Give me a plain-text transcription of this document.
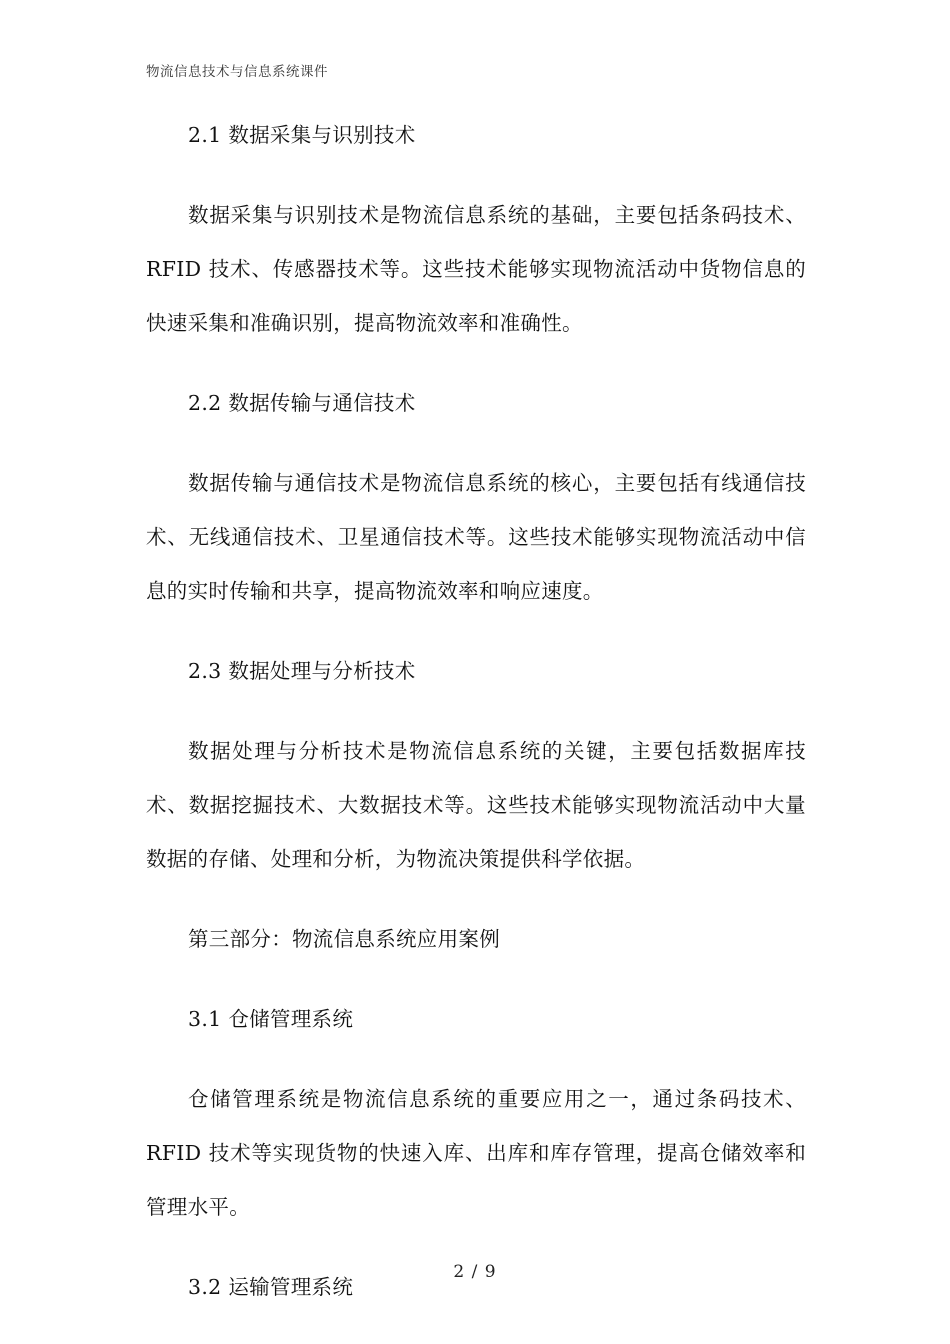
物流信息技术与信息系统课件
2.1 数据采集与识别技术
数据采集与识别技术是物流信息系统的基础，主要包括条码技术、RFID 技术、传感器技术等。这些技术能够实现物流活动中货物信息的快速采集和准确识别，提高物流效率和准确性。
2.2 数据传输与通信技术
数据传输与通信技术是物流信息系统的核心，主要包括有线通信技术、无线通信技术、卫星通信技术等。这些技术能够实现物流活动中信息的实时传输和共享，提高物流效率和响应速度。
2.3 数据处理与分析技术
数据处理与分析技术是物流信息系统的关键，主要包括数据库技术、数据挖掘技术、大数据技术等。这些技术能够实现物流活动中大量数据的存储、处理和分析，为物流决策提供科学依据。
第三部分：物流信息系统应用案例
3.1 仓储管理系统
仓储管理系统是物流信息系统的重要应用之一，通过条码技术、RFID 技术等实现货物的快速入库、出库和库存管理，提高仓储效率和管理水平。
3.2 运输管理系统
2 / 9
